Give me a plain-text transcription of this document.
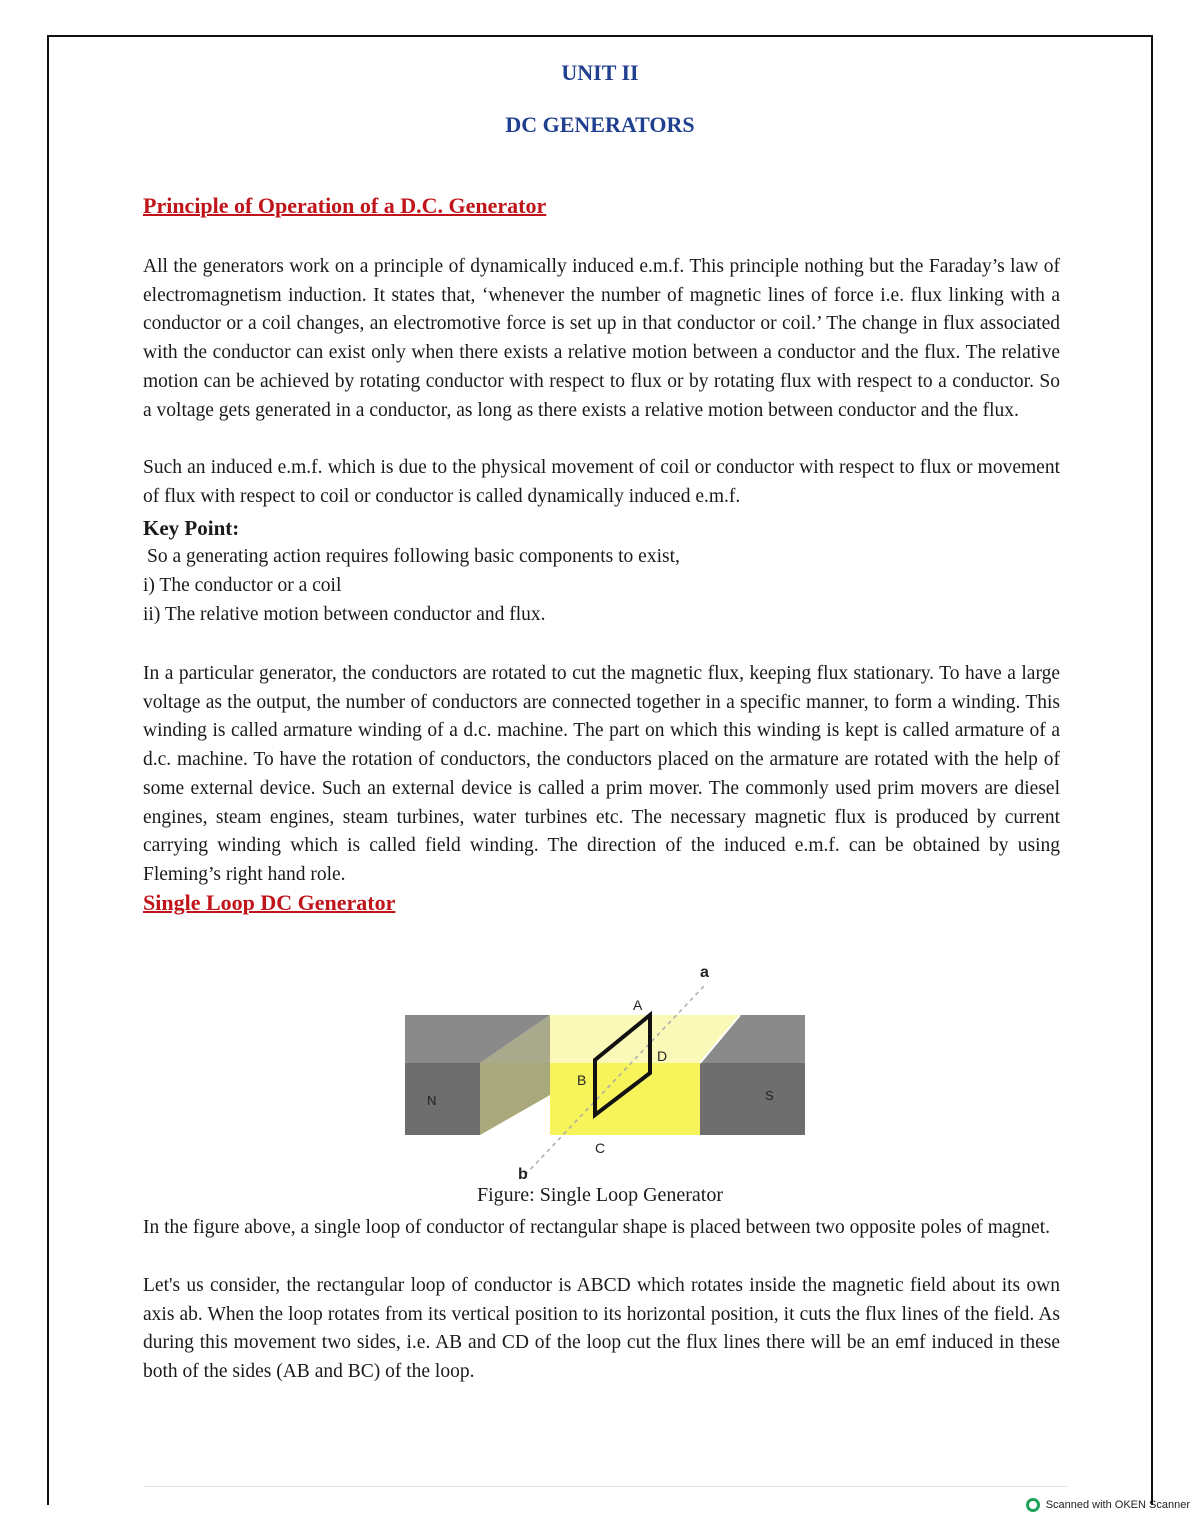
UNIT II
DC GENERATORS
Principle of Operation of a D.C. Generator

All the generators work on a principle of dynamically induced e.m.f. This principle nothing but the Faraday’s law of electromagnetism induction. It states that, ‘whenever the number of magnetic lines of force i.e. flux linking with a conductor or a coil changes, an electromotive force is set up in that conductor or coil.’ The change in flux associated with the conductor can exist only when there exists a relative motion between a conductor and the flux. The relative motion can be achieved by rotating conductor with respect to flux or by rotating flux with respect to a conductor. So a voltage gets generated in a conductor, as long as there exists a relative motion between conductor and the flux.

Such an induced e.m.f. which is due to the physical movement of coil or conductor with respect to flux or movement of flux with respect to coil or conductor is called dynamically induced e.m.f.

Key Point:
So a generating action requires following basic components to exist,
i) The conductor or a coil
ii) The relative motion between conductor and flux.

In a particular generator, the conductors are rotated to cut the magnetic flux, keeping flux stationary. To have a large voltage as the output, the number of conductors are connected together in a specific manner, to form a winding. This winding is called armature winding of a d.c. machine. The part on which this winding is kept is called armature of a d.c. machine. To have the rotation of conductors, the conductors placed on the armature are rotated with the help of some external device. Such an external device is called a prim mover. The commonly used prim movers are diesel engines, steam engines, steam turbines, water turbines etc. The necessary magnetic flux is produced by current carrying winding which is called field winding. The direction of the induced e.m.f. can be obtained by using Fleming’s right hand role.

Single Loop DC Generator
N	S
A
B
C
D
a
b
Figure: Single Loop Generator

In the figure above, a single loop of conductor of rectangular shape is placed between two opposite poles of magnet.

Let's us consider, the rectangular loop of conductor is ABCD which rotates inside the magnetic field about its own axis ab. When the loop rotates from its vertical position to its horizontal position, it cuts the flux lines of the field. As during this movement two sides, i.e. AB and CD of the loop cut the flux lines there will be an emf induced in these both of the sides (AB and BC) of the loop.

Scanned with OKEN Scanner
